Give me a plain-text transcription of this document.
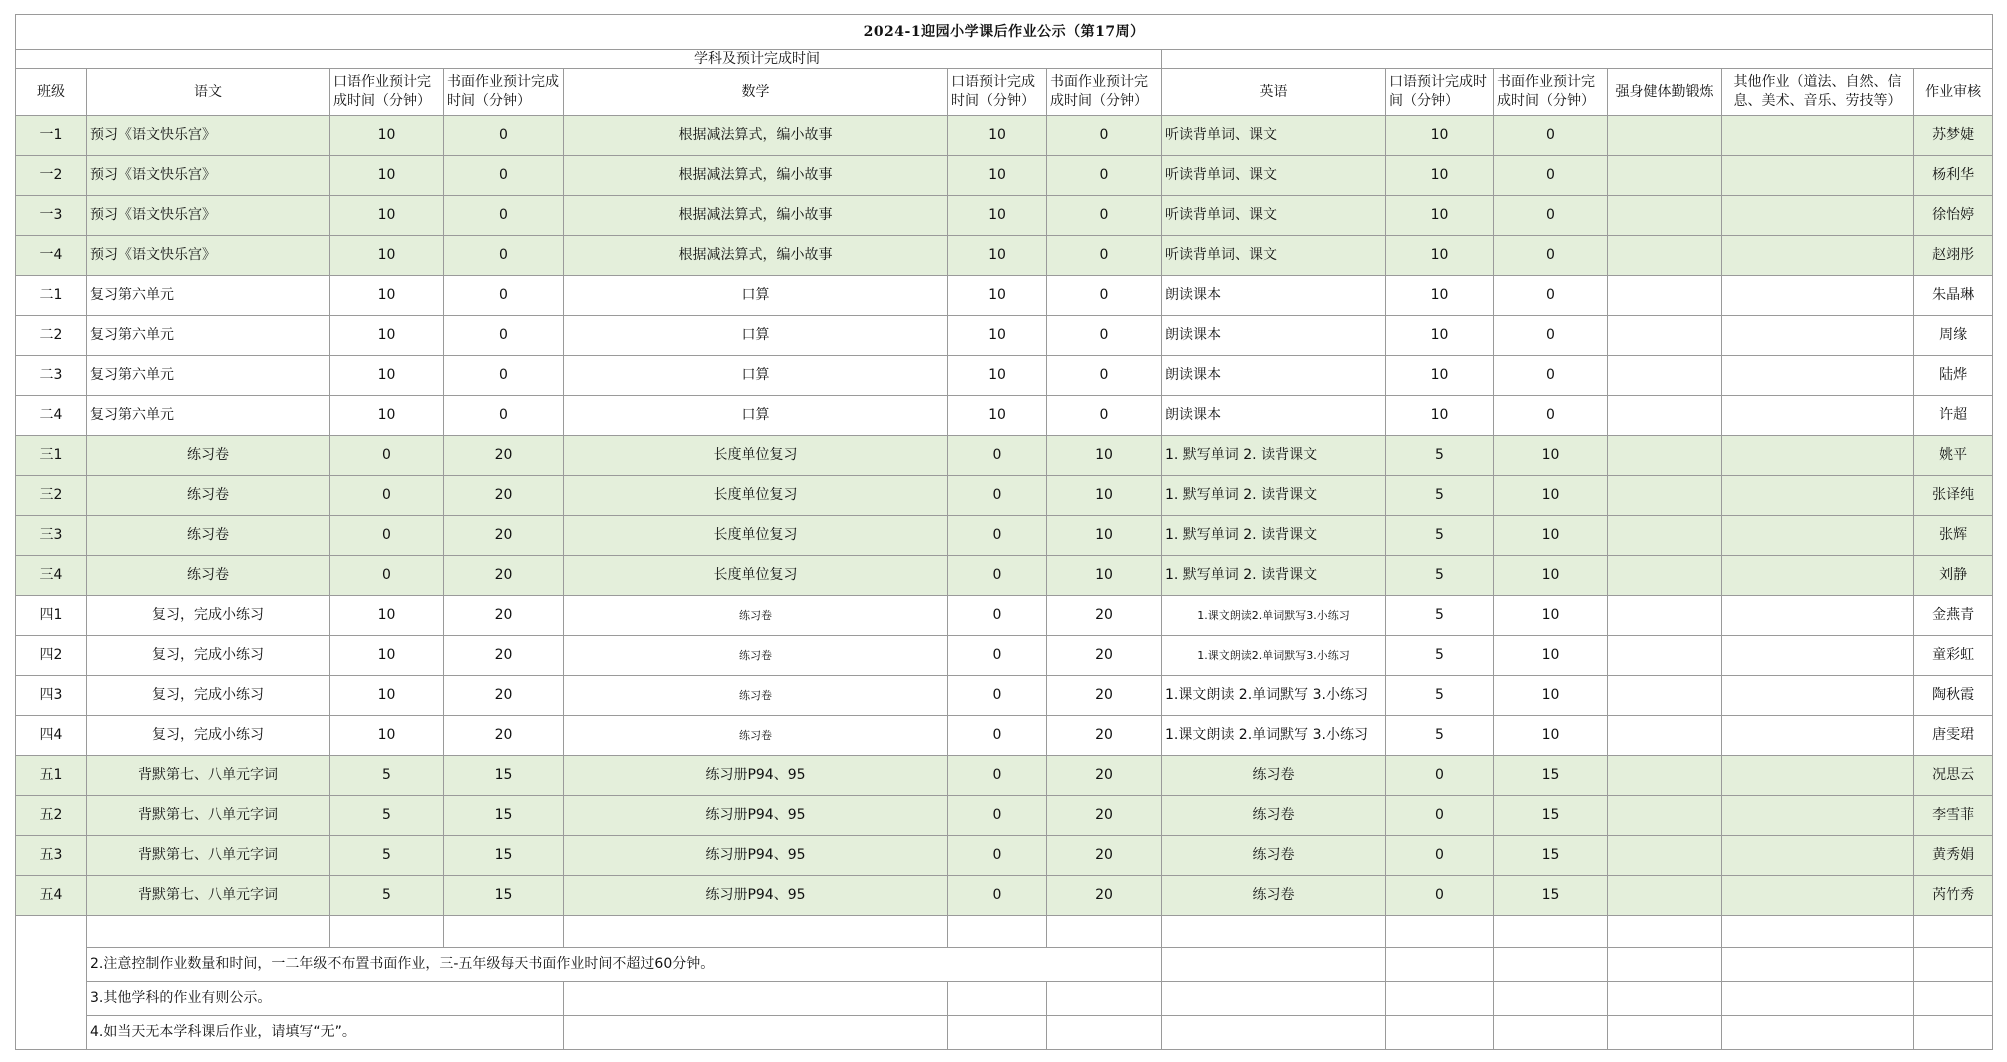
2024-1迎园小学课后作业公示（第17周）												
学科及预计完成时间												
班级	语文	口语作业预计完成时间（分钟）	书面作业预计完成时间（分钟）	数学	口语预计完成时间（分钟）	书面作业预计完成时间（分钟）	英语	口语预计完成时间（分钟）	书面作业预计完成时间（分钟）	强身健体勤锻炼	其他作业（道法、自然、信息、美术、音乐、劳技等）	作业审核
一1	预习《语文快乐宫》	10	0	根据减法算式，编小故事	10	0	听读背单词、课文	10	0			苏梦婕
一2	预习《语文快乐宫》	10	0	根据减法算式，编小故事	10	0	听读背单词、课文	10	0			杨利华
一3	预习《语文快乐宫》	10	0	根据减法算式，编小故事	10	0	听读背单词、课文	10	0			徐怡婷
一4	预习《语文快乐宫》	10	0	根据减法算式，编小故事	10	0	听读背单词、课文	10	0			赵翊彤
二1	复习第六单元	10	0	口算	10	0	朗读课本	10	0			朱晶琳
二2	复习第六单元	10	0	口算	10	0	朗读课本	10	0			周缘
二3	复习第六单元	10	0	口算	10	0	朗读课本	10	0			陆烨
二4	复习第六单元	10	0	口算	10	0	朗读课本	10	0			许超
三1	练习卷	0	20	长度单位复习	0	10	1. 默写单词 2. 读背课文	5	10			姚平
三2	练习卷	0	20	长度单位复习	0	10	1. 默写单词 2. 读背课文	5	10			张译纯
三3	练习卷	0	20	长度单位复习	0	10	1. 默写单词 2. 读背课文	5	10			张辉
三4	练习卷	0	20	长度单位复习	0	10	1. 默写单词 2. 读背课文	5	10			刘静
四1	复习，完成小练习	10	20	练习卷	0	20	1.课文朗读2.单词默写3.小练习	5	10			金燕青
四2	复习，完成小练习	10	20	练习卷	0	20	1.课文朗读2.单词默写3.小练习	5	10			童彩虹
四3	复习，完成小练习	10	20	练习卷	0	20	1.课文朗读 2.单词默写 3.小练习	5	10			陶秋霞
四4	复习，完成小练习	10	20	练习卷	0	20	1.课文朗读 2.单词默写 3.小练习	5	10			唐雯珺
五1	背默第七、八单元字词	5	15	练习册P94、95	0	20	练习卷	0	15			况思云
五2	背默第七、八单元字词	5	15	练习册P94、95	0	20	练习卷	0	15			李雪菲
五3	背默第七、八单元字词	5	15	练习册P94、95	0	20	练习卷	0	15			黄秀娟
五4	背默第七、八单元字词	5	15	练习册P94、95	0	20	练习卷	0	15			芮竹秀

	2.注意控制作业数量和时间，一二年级不布置书面作业，三-五年级每天书面作业时间不超过60分钟。											
	3.其他学科的作业有则公示。											
	4.如当天无本学科课后作业，请填写“无”。											
